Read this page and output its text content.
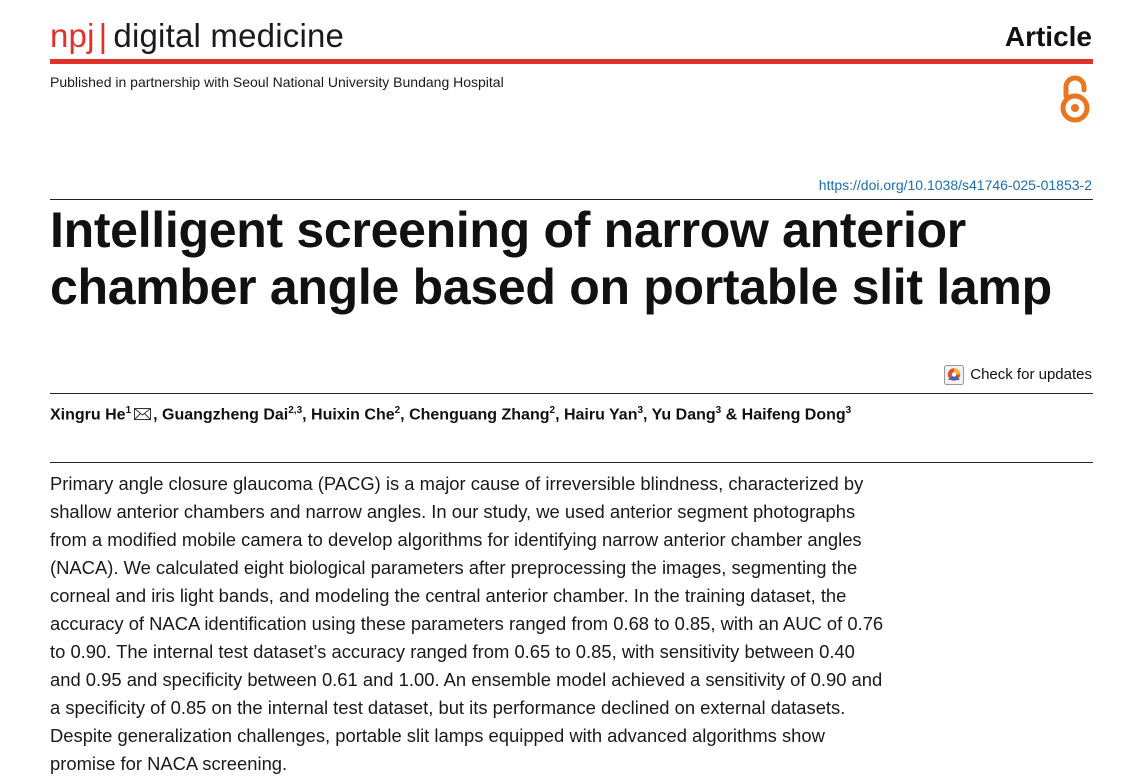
npj | digital medicine	Article
Published in partnership with Seoul National University Bundang Hospital
https://doi.org/10.1038/s41746-025-01853-2
Intelligent screening of narrow anterior
chamber angle based on portable slit lamp
Check for updates
Xingru He$^1$ , Guangzheng Dai$^{2,3}$, Huixin Che$^2$, Chenguang Zhang$^2$, Hairu Yan$^3$, Yu Dang$^3$ & Haifeng Dong$^3$

Primary angle closure glaucoma (PACG) is a major cause of irreversible blindness, characterized by
shallow anterior chambers and narrow angles. In our study, we used anterior segment photographs
from a modified mobile camera to develop algorithms for identifying narrow anterior chamber angles
(NACA). We calculated eight biological parameters after preprocessing the images, segmenting the
corneal and iris light bands, and modeling the central anterior chamber. In the training dataset, the
accuracy of NACA identification using these parameters ranged from 0.68 to 0.85, with an AUC of 0.76
to 0.90. The internal test dataset’s accuracy ranged from 0.65 to 0.85, with sensitivity between 0.40
and 0.95 and specificity between 0.61 and 1.00. An ensemble model achieved a sensitivity of 0.90 and
a specificity of 0.85 on the internal test dataset, but its performance declined on external datasets.
Despite generalization challenges, portable slit lamps equipped with advanced algorithms show
promise for NACA screening.
